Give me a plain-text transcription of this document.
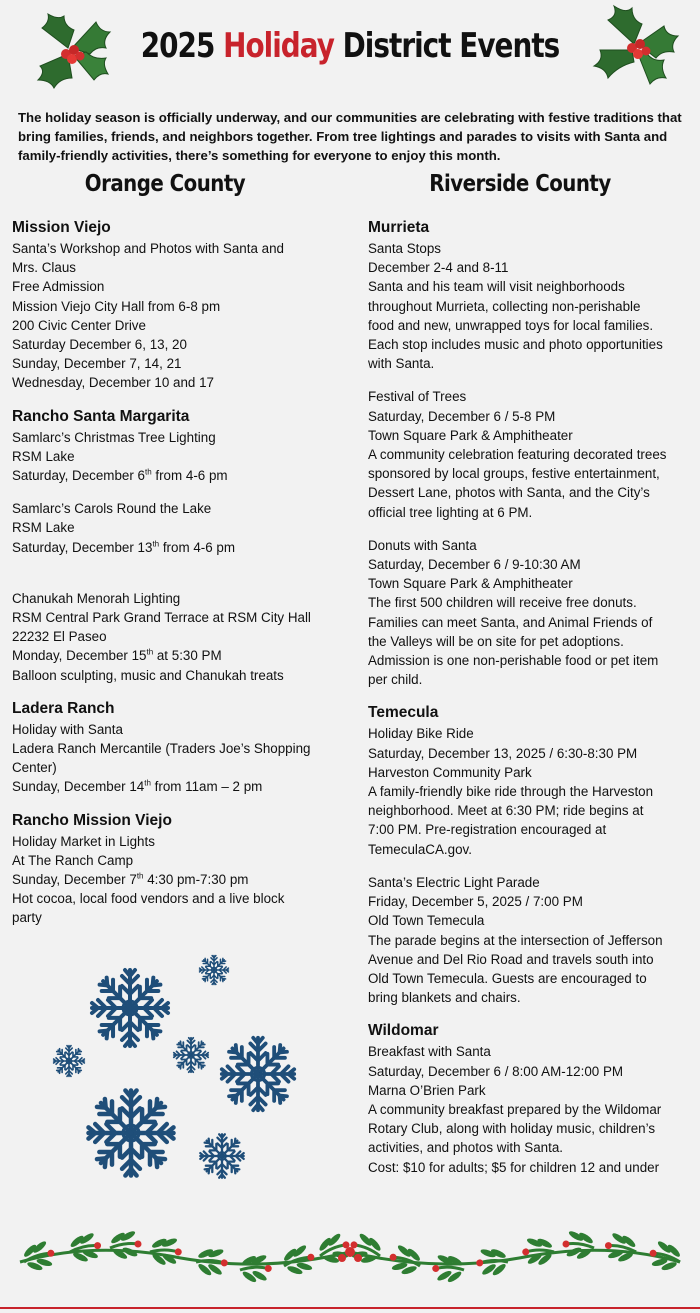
2025 Holiday District Events
The holiday season is officially underway, and our communities are celebrating with festive traditions that bring families, friends, and neighbors together. From tree lightings and parades to visits with Santa and family-friendly activities, there’s something for everyone to enjoy this month.
Orange County	Riverside County
Mission Viejo
Santa’s Workshop and Photos with Santa and
Mrs. Claus
Free Admission
Mission Viejo City Hall from 6-8 pm
200 Civic Center Drive
Saturday December 6, 13, 20
Sunday, December 7, 14, 21
Wednesday, December 10 and 17
Rancho Santa Margarita
Samlarc’s Christmas Tree Lighting
RSM Lake
Saturday, December 6th from 4-6 pm
Samlarc’s Carols Round the Lake
RSM Lake
Saturday, December 13th from 4-6 pm
Chanukah Menorah Lighting
RSM Central Park Grand Terrace at RSM City Hall
22232 El Paseo
Monday, December 15th at 5:30 PM
Balloon sculpting, music and Chanukah treats
Ladera Ranch
Holiday with Santa
Ladera Ranch Mercantile (Traders Joe’s Shopping
Center)
Sunday, December 14th from 11am – 2 pm
Rancho Mission Viejo
Holiday Market in Lights
At The Ranch Camp
Sunday, December 7th 4:30 pm-7:30 pm
Hot cocoa, local food vendors and a live block
party
Murrieta
Santa Stops
December 2-4 and 8-11
Santa and his team will visit neighborhoods
throughout Murrieta, collecting non-perishable
food and new, unwrapped toys for local families.
Each stop includes music and photo opportunities
with Santa.
Festival of Trees
Saturday, December 6 / 5-8 PM
Town Square Park & Amphitheater
A community celebration featuring decorated trees
sponsored by local groups, festive entertainment,
Dessert Lane, photos with Santa, and the City’s
official tree lighting at 6 PM.
Donuts with Santa
Saturday, December 6 / 9-10:30 AM
Town Square Park & Amphitheater
The first 500 children will receive free donuts.
Families can meet Santa, and Animal Friends of
the Valleys will be on site for pet adoptions.
Admission is one non-perishable food or pet item
per child.
Temecula
Holiday Bike Ride
Saturday, December 13, 2025 / 6:30-8:30 PM
Harveston Community Park
A family-friendly bike ride through the Harveston
neighborhood. Meet at 6:30 PM; ride begins at
7:00 PM. Pre-registration encouraged at
TemeculaCA.gov.
Santa’s Electric Light Parade
Friday, December 5, 2025 / 7:00 PM
Old Town Temecula
The parade begins at the intersection of Jefferson
Avenue and Del Rio Road and travels south into
Old Town Temecula. Guests are encouraged to
bring blankets and chairs.
Wildomar
Breakfast with Santa
Saturday, December 6 / 8:00 AM-12:00 PM
Marna O’Brien Park
A community breakfast prepared by the Wildomar
Rotary Club, along with holiday music, children’s
activities, and photos with Santa.
Cost: $10 for adults; $5 for children 12 and under
